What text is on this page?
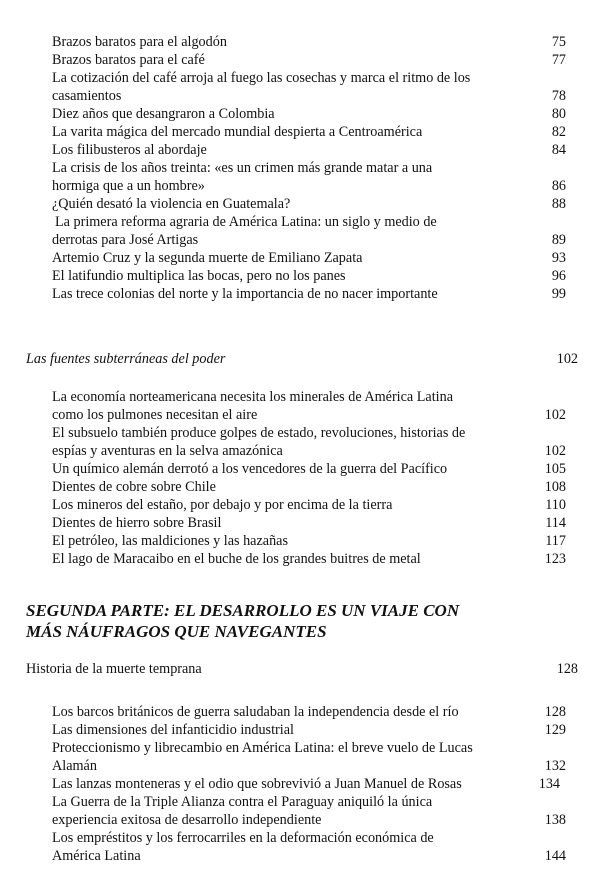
Brazos baratos para el algodón	75
Brazos baratos para el café	77
La cotización del café arroja al fuego las cosechas y marca el ritmo de los
casamientos	78
Diez años que desangraron a Colombia	80
La varita mágica del mercado mundial despierta a Centroamérica	82
Los filibusteros al abordaje	84
La crisis de los años treinta: «es un crimen más grande matar a una
hormiga que a un hombre»	86
¿Quién desató la violencia en Guatemala?	88
La primera reforma agraria de América Latina: un siglo y medio de
derrotas para José Artigas	89
Artemio Cruz y la segunda muerte de Emiliano Zapata	93
El latifundio multiplica las bocas, pero no los panes	96
Las trece colonias del norte y la importancia de no nacer importante	99
Las fuentes subterráneas del poder	102
La economía norteamericana necesita los minerales de América Latina
como los pulmones necesitan el aire	102
El subsuelo también produce golpes de estado, revoluciones, historias de
espías y aventuras en la selva amazónica	102
Un químico alemán derrotó a los vencedores de la guerra del Pacífico	105
Dientes de cobre sobre Chile	108
Los mineros del estaño, por debajo y por encima de la tierra	110
Dientes de hierro sobre Brasil	114
El petróleo, las maldiciones y las hazañas	117
El lago de Maracaibo en el buche de los grandes buitres de metal	123
SEGUNDA PARTE: EL DESARROLLO ES UN VIAJE CON
MÁS NÁUFRAGOS QUE NAVEGANTES
Historia de la muerte temprana	128
Los barcos británicos de guerra saludaban la independencia desde el río	128
Las dimensiones del infanticidio industrial	129
Proteccionismo y librecambio en América Latina: el breve vuelo de Lucas
Alamán	132
Las lanzas monteneras y el odio que sobrevivió a Juan Manuel de Rosas	134
La Guerra de la Triple Alianza contra el Paraguay aniquiló la única
experiencia exitosa de desarrollo independiente	138
Los empréstitos y los ferrocarriles en la deformación económica de
América Latina	144
